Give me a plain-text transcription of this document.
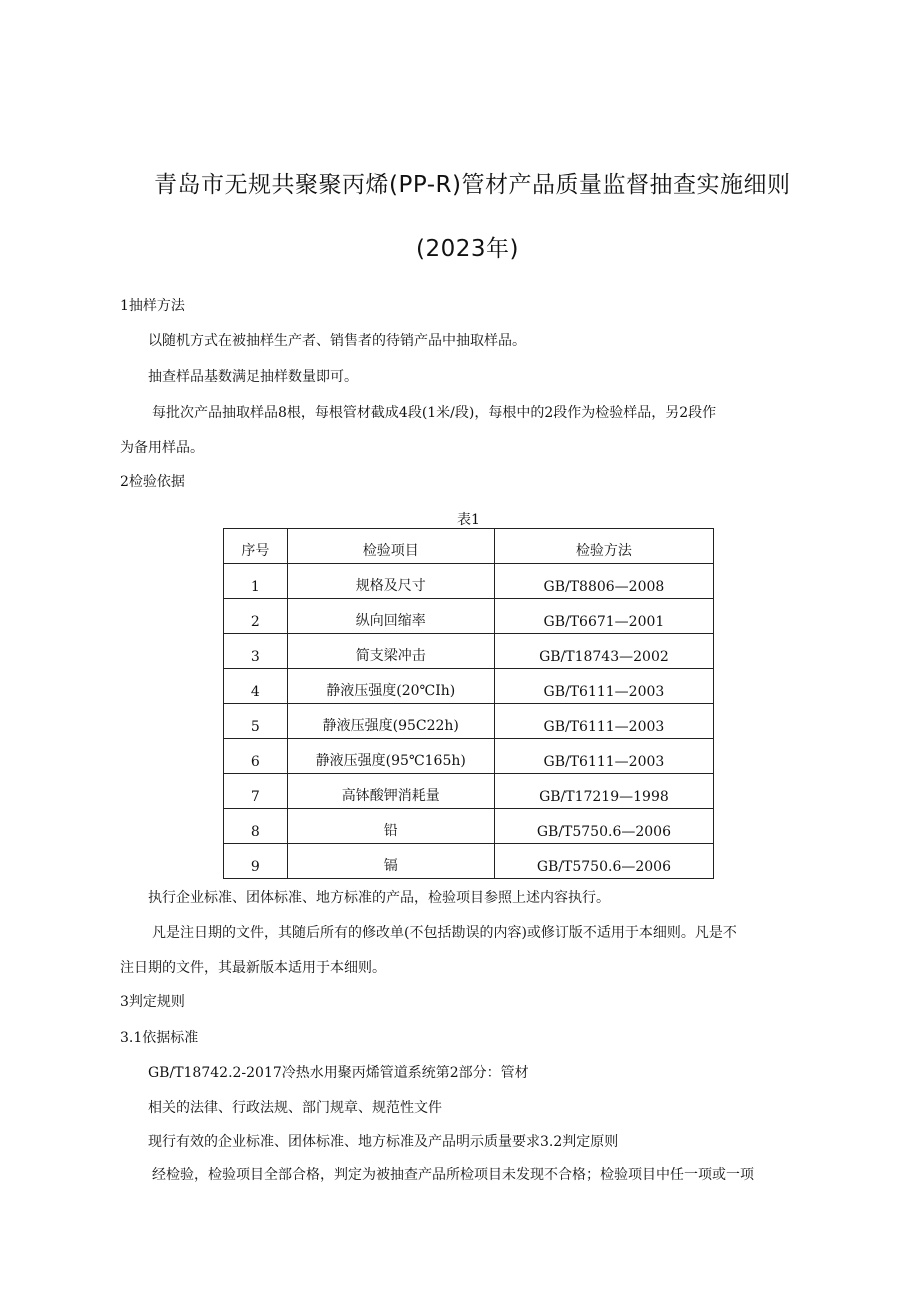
青岛市无规共聚聚丙烯(PP-R)管材产品质量监督抽查实施细则
(2023年)
1抽样方法
以随机方式在被抽样生产者、销售者的待销产品中抽取样品。
抽查样品基数满足抽样数量即可。
每批次产品抽取样品8根，每根管材截成4段(1米/段)，每根中的2段作为检验样品，另2段作
为备用样品。
2检验依据
表1
序号	检验项目	检验方法
1	规格及尺寸	GB/T8806—2008
2	纵向回缩率	GB/T6671—2001
3	简支梁冲击	GB/T18743—2002
4	静液压强度(20℃Ih)	GB/T6111—2003
5	静液压强度(95C22h)	GB/T6111—2003
6	静液压强度(95℃165h)	GB/T6111—2003
7	高钵酸钾消耗量	GB/T17219—1998
8	铅	GB/T5750.6—2006
9	镉	GB/T5750.6—2006
执行企业标准、团体标准、地方标准的产品，检验项目参照上述内容执行。
凡是注日期的文件，其随后所有的修改单(不包括勘误的内容)或修订版不适用于本细则。凡是不
注日期的文件，其最新版本适用于本细则。
3判定规则
3.1依据标准
GB/T18742.2-2017冷热水用聚丙烯管道系统第2部分：管材
相关的法律、行政法规、部门规章、规范性文件
现行有效的企业标准、团体标准、地方标准及产品明示质量要求3.2判定原则
经检验，检验项目全部合格，判定为被抽查产品所检项目未发现不合格；检验项目中任一项或一项
